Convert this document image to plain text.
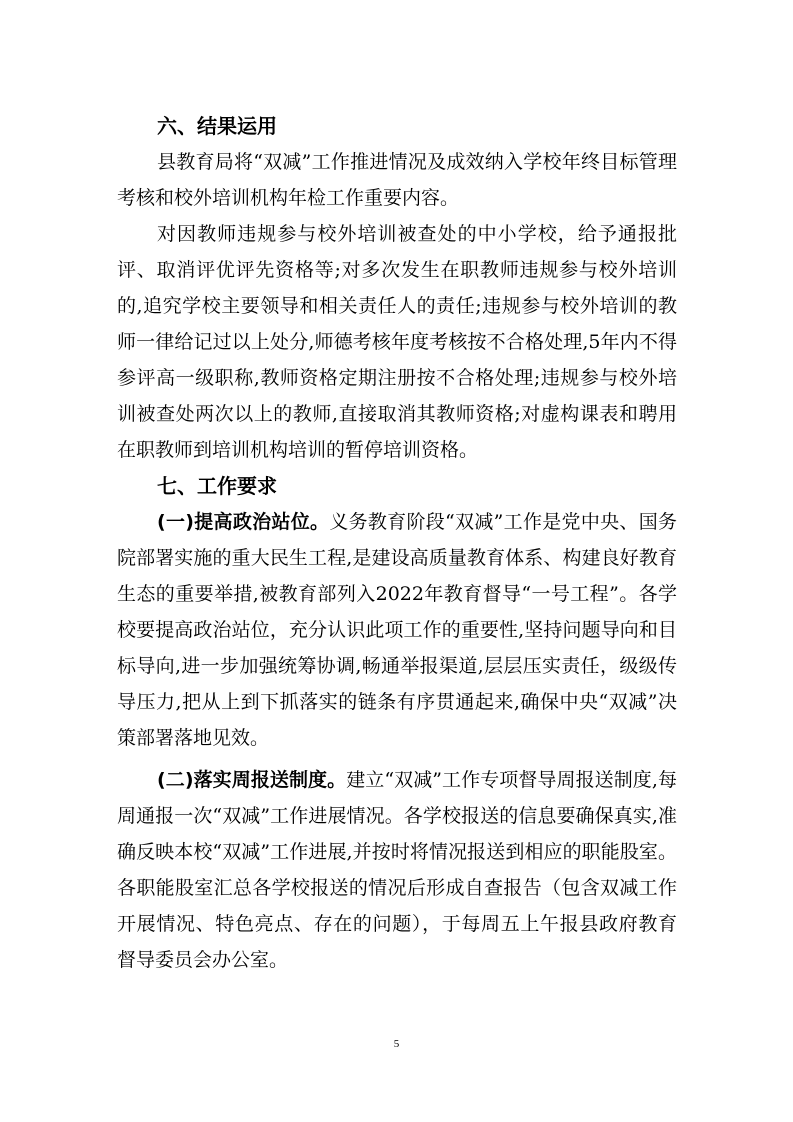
六、结果运用

县教育局将“双减”工作推进情况及成效纳入学校年终目标管理考核和校外培训机构年检工作重要内容。

对因教师违规参与校外培训被查处的中小学校，给予通报批评、取消评优评先资格等;对多次发生在职教师违规参与校外培训的,追究学校主要领导和相关责任人的责任;违规参与校外培训的教师一律给记过以上处分,师德考核年度考核按不合格处理,5年内不得参评高一级职称,教师资格定期注册按不合格处理;违规参与校外培训被查处两次以上的教师,直接取消其教师资格;对虚构课表和聘用在职教师到培训机构培训的暂停培训资格。

七、工作要求

(一)提高政治站位。义务教育阶段“双减”工作是党中央、国务院部署实施的重大民生工程,是建设高质量教育体系、构建良好教育生态的重要举措,被教育部列入2022年教育督导“一号工程”。各学校要提高政治站位，充分认识此项工作的重要性,坚持问题导向和目标导向,进一步加强统筹协调,畅通举报渠道,层层压实责任，级级传导压力,把从上到下抓落实的链条有序贯通起来,确保中央“双减”决策部署落地见效。

(二)落实周报送制度。建立“双减”工作专项督导周报送制度,每周通报一次“双减”工作进展情况。各学校报送的信息要确保真实,准确反映本校“双减”工作进展,并按时将情况报送到相应的职能股室。各职能股室汇总各学校报送的情况后形成自查报告（包含双减工作开展情况、特色亮点、存在的问题），于每周五上午报县政府教育督导委员会办公室。

5
